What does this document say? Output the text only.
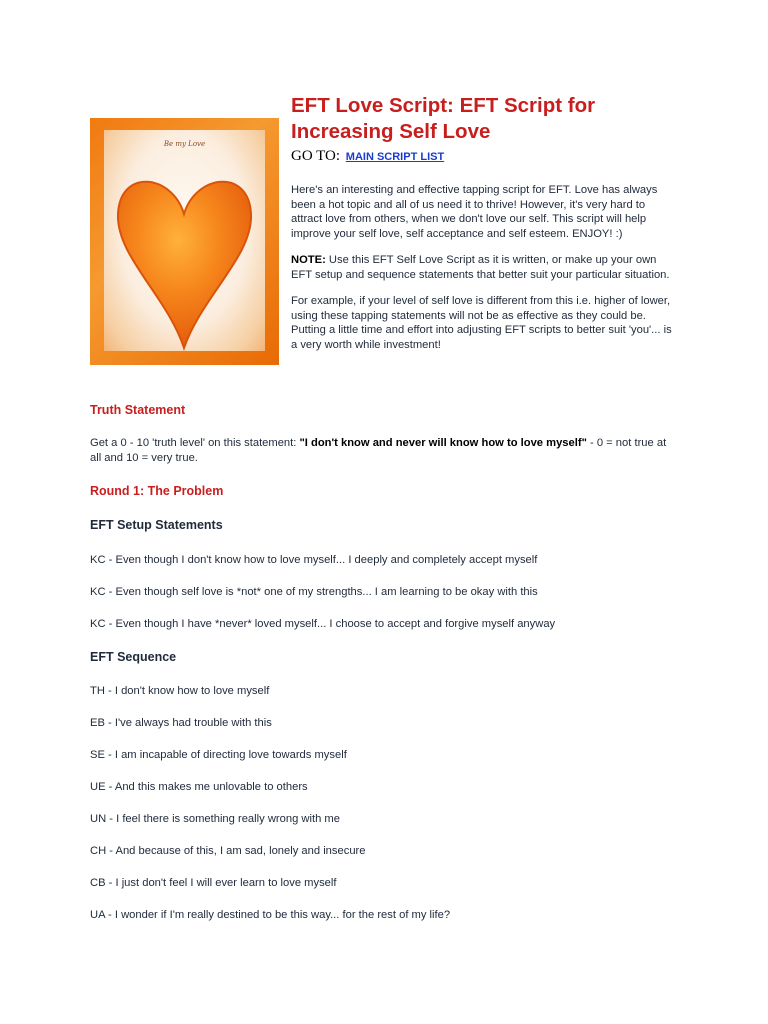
Be my Love
EFT Love Script: EFT Script for Increasing Self Love
GO TO: MAIN SCRIPT LIST

Here's an interesting and effective tapping script for EFT. Love has always been a hot topic and all of us need it to thrive! However, it's very hard to attract love from others, when we don't love our self. This script will help improve your self love, self acceptance and self esteem. ENJOY! :)

NOTE: Use this EFT Self Love Script as it is written, or make up your own EFT setup and sequence statements that better suit your particular situation.

For example, if your level of self love is different from this i.e. higher of lower, using these tapping statements will not be as effective as they could be. Putting a little time and effort into adjusting EFT scripts to better suit 'you'... is a very worth while investment!

Truth Statement

Get a 0 - 10 'truth level' on this statement: "I don't know and never will know how to love myself" - 0 = not true at all and 10 = very true.

Round 1: The Problem
EFT Setup Statements

KC - Even though I don't know how to love myself... I deeply and completely accept myself

KC - Even though self love is *not* one of my strengths... I am learning to be okay with this

KC - Even though I have *never* loved myself... I choose to accept and forgive myself anyway

EFT Sequence

TH - I don't know how to love myself

EB - I've always had trouble with this

SE - I am incapable of directing love towards myself

UE - And this makes me unlovable to others

UN - I feel there is something really wrong with me

CH - And because of this, I am sad, lonely and insecure

CB - I just don't feel I will ever learn to love myself

UA - I wonder if I'm really destined to be this way... for the rest of my life?
